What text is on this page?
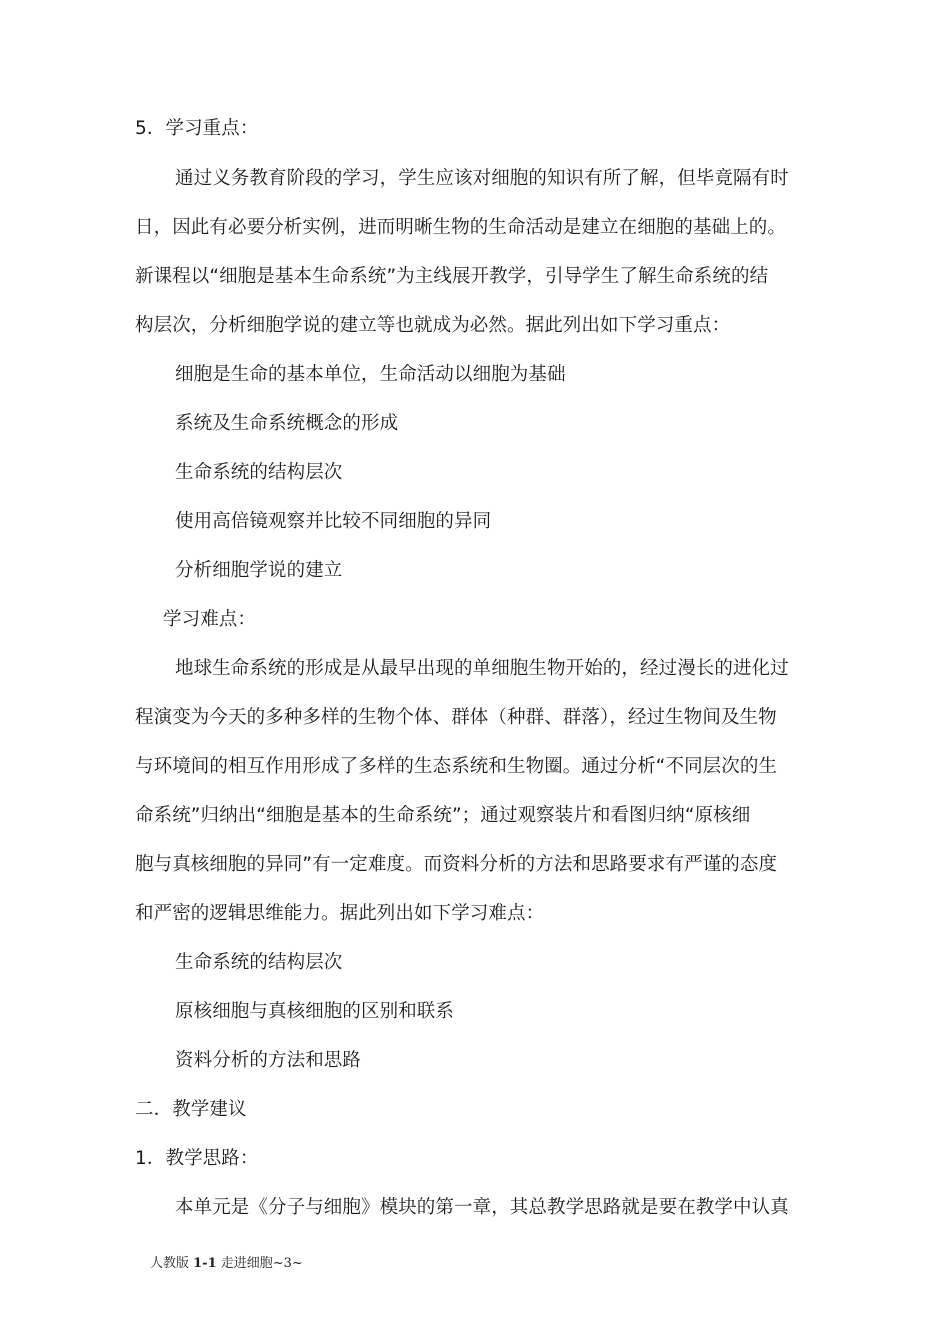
5．学习重点：
通过义务教育阶段的学习，学生应该对细胞的知识有所了解，但毕竟隔有时
日，因此有必要分析实例，进而明晰生物的生命活动是建立在细胞的基础上的。
新课程以“细胞是基本生命系统”为主线展开教学，引导学生了解生命系统的结
构层次，分析细胞学说的建立等也就成为必然。据此列出如下学习重点：
细胞是生命的基本单位，生命活动以细胞为基础
系统及生命系统概念的形成
生命系统的结构层次
使用高倍镜观察并比较不同细胞的异同
分析细胞学说的建立
学习难点：
地球生命系统的形成是从最早出现的单细胞生物开始的，经过漫长的进化过
程演变为今天的多种多样的生物个体、群体（种群、群落），经过生物间及生物
与环境间的相互作用形成了多样的生态系统和生物圈。通过分析“不同层次的生
命系统”归纳出“细胞是基本的生命系统”；通过观察装片和看图归纳“原核细
胞与真核细胞的异同”有一定难度。而资料分析的方法和思路要求有严谨的态度
和严密的逻辑思维能力。据此列出如下学习难点：
生命系统的结构层次
原核细胞与真核细胞的区别和联系
资料分析的方法和思路
二．教学建议
1．教学思路：
本单元是《分子与细胞》模块的第一章，其总教学思路就是要在教学中认真
人教版 1-1 走进细胞~3~
